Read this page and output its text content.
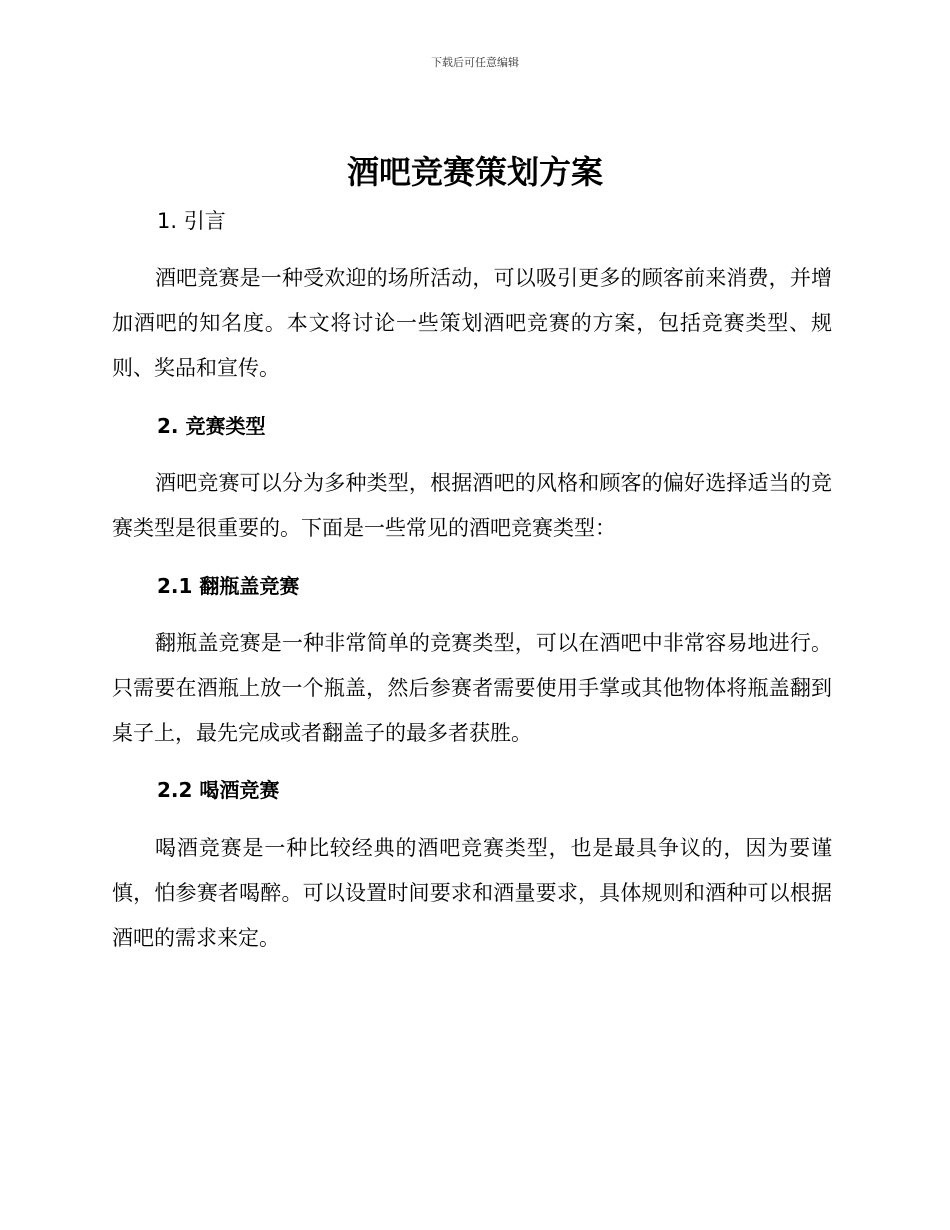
下载后可任意编辑
酒吧竞赛策划方案
1. 引言

酒吧竞赛是一种受欢迎的场所活动，可以吸引更多的顾客前来消费，并增加酒吧的知名度。本文将讨论一些策划酒吧竞赛的方案，包括竞赛类型、规则、奖品和宣传。

2. 竞赛类型

酒吧竞赛可以分为多种类型，根据酒吧的风格和顾客的偏好选择适当的竞赛类型是很重要的。下面是一些常见的酒吧竞赛类型：

2.1 翻瓶盖竞赛

翻瓶盖竞赛是一种非常简单的竞赛类型，可以在酒吧中非常容易地进行。只需要在酒瓶上放一个瓶盖，然后参赛者需要使用手掌或其他物体将瓶盖翻到桌子上，最先完成或者翻盖子的最多者获胜。

2.2 喝酒竞赛

喝酒竞赛是一种比较经典的酒吧竞赛类型，也是最具争议的，因为要谨慎，怕参赛者喝醉。可以设置时间要求和酒量要求，具体规则和酒种可以根据酒吧的需求来定。
